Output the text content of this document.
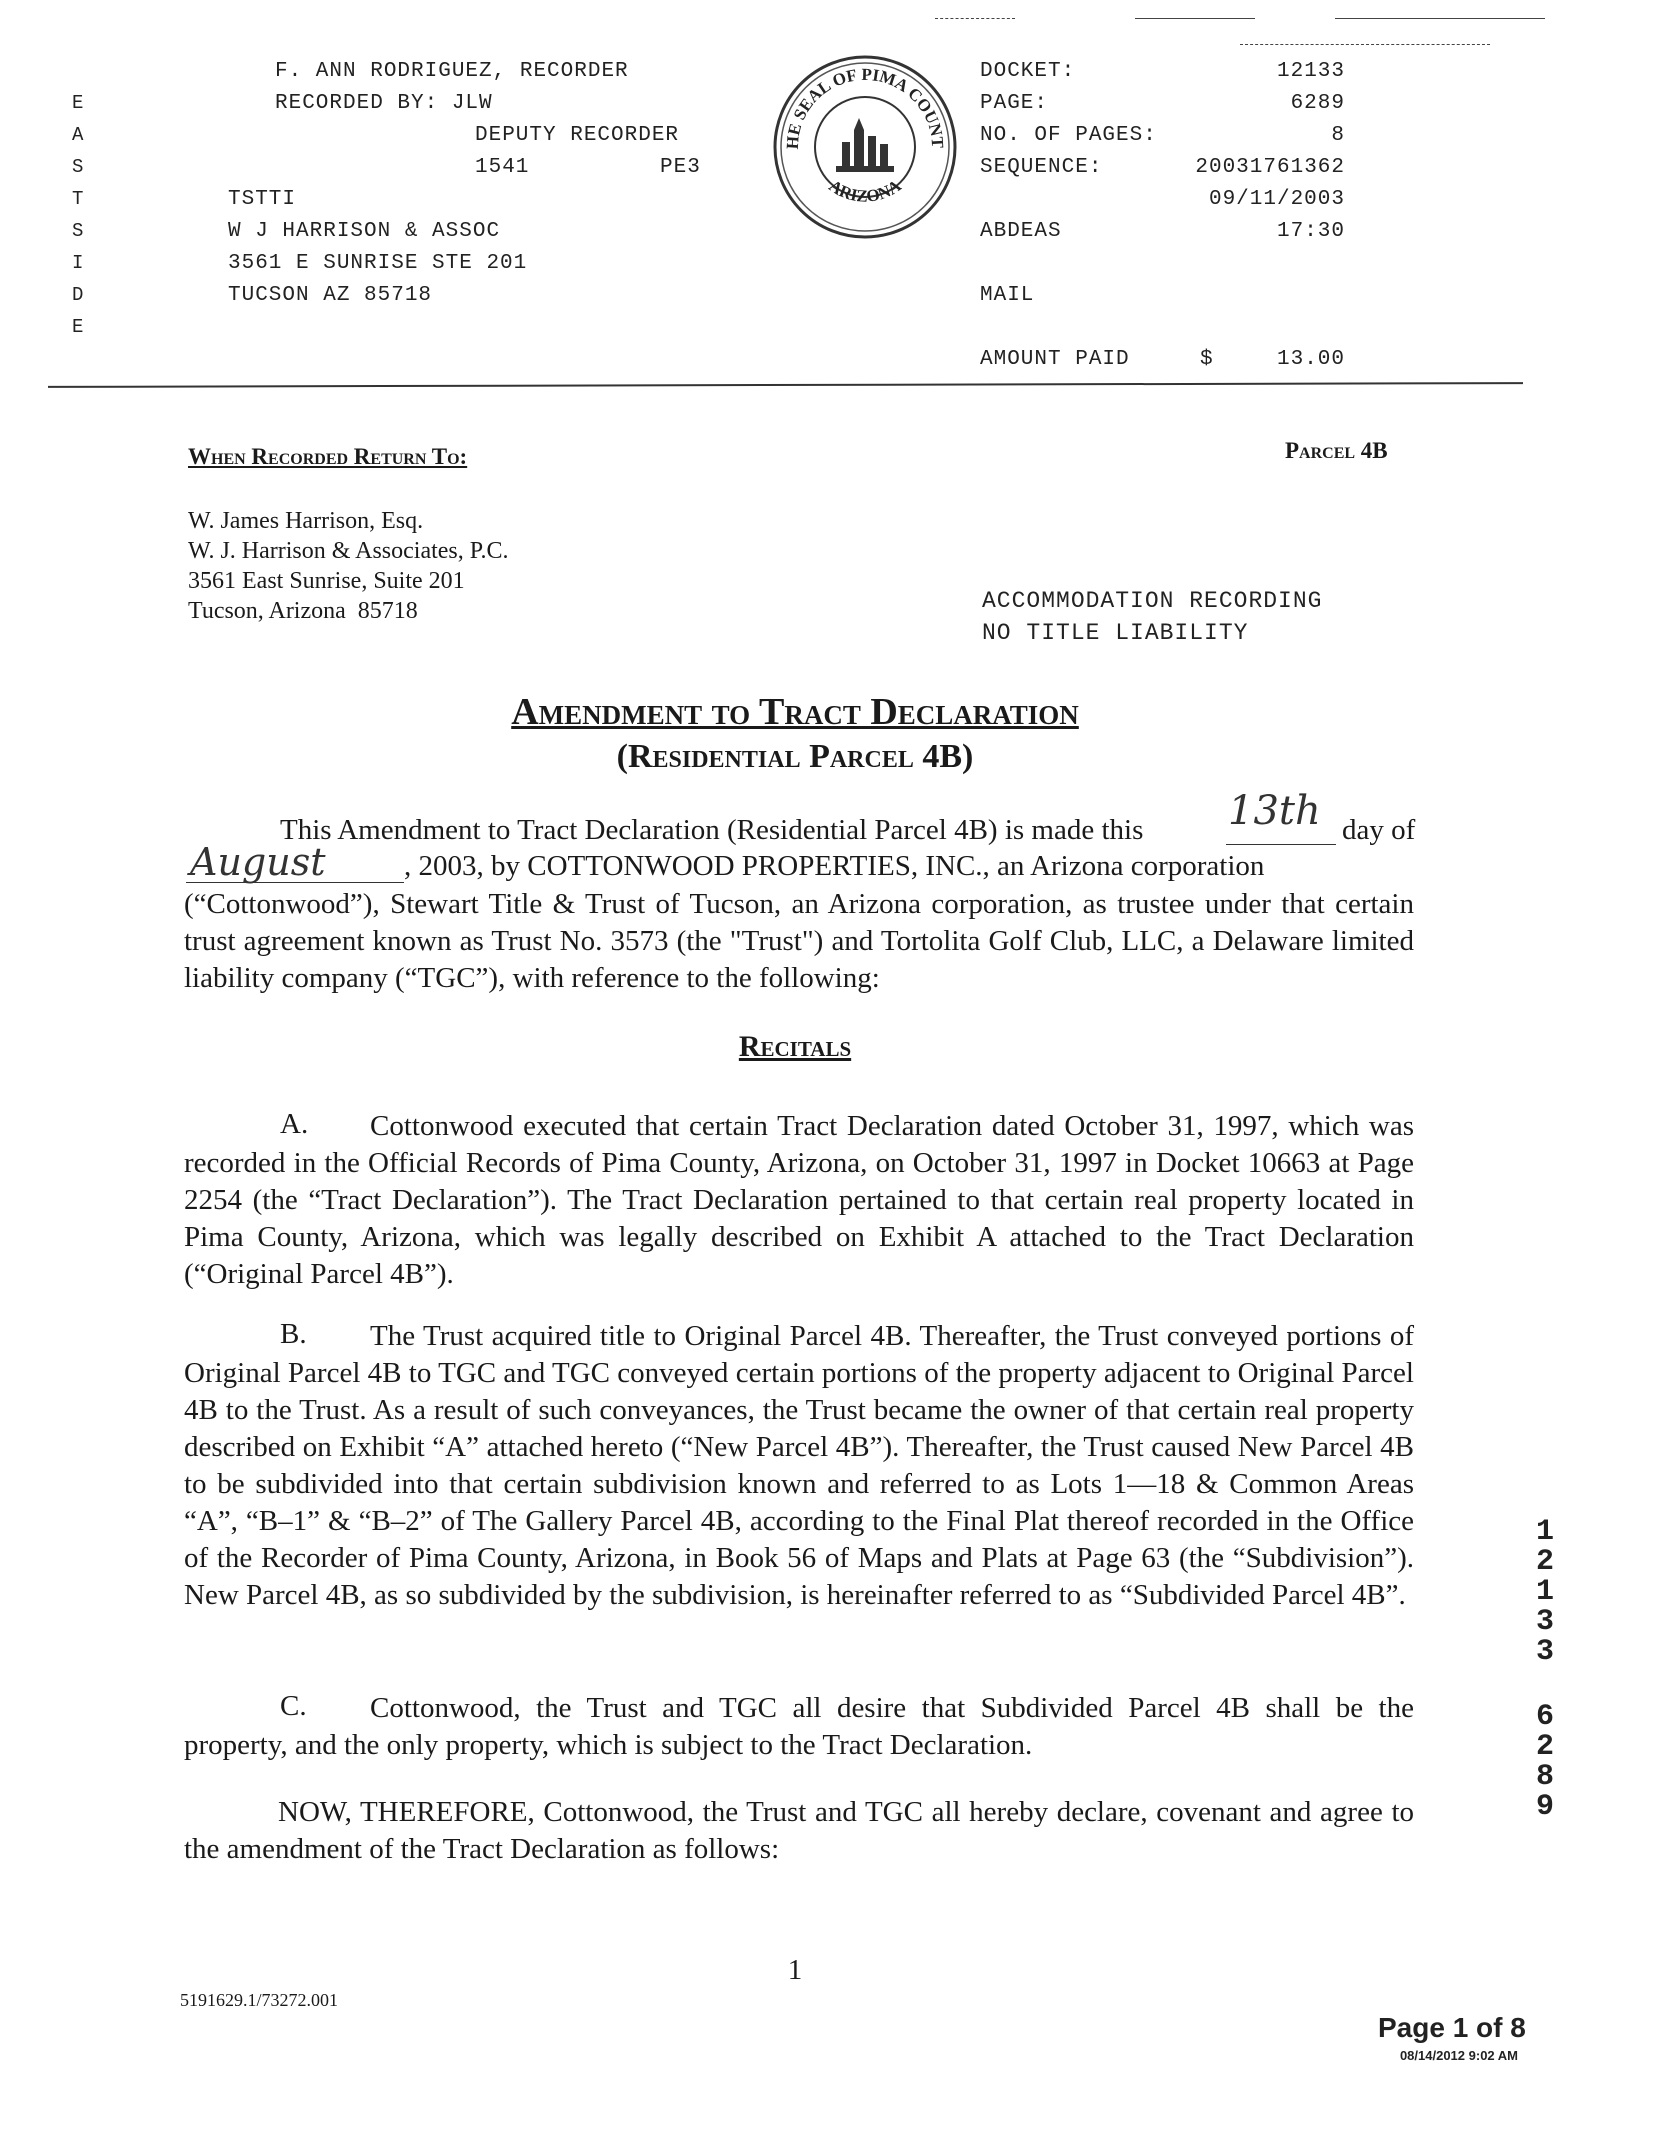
E
A
S
T
S
I
D
E
F. ANN RODRIGUEZ, RECORDER
RECORDED BY: JLW
DEPUTY RECORDER
1541	PE3
TSTTI
W J HARRISON & ASSOC
3561 E SUNRISE STE 201
TUCSON AZ 85718
HE SEAL OF PIMA COUNT
ARIZONA
DOCKET:	12133
PAGE:	6289
NO. OF PAGES:	8
SEQUENCE:	20031761362
09/11/2003
ABDEAS	17:30
MAIL
AMOUNT PAID	$	13.00
When Recorded Return To:	Parcel 4B
W. James Harrison, Esq.
W. J. Harrison & Associates, P.C.
3561 East Sunrise, Suite 201
Tucson, Arizona  85718	ACCOMMODATION RECORDING
NO TITLE LIABILITY
Amendment to Tract Declaration
(Residential Parcel 4B)
This Amendment to Tract Declaration (Residential Parcel 4B) is made this 13th day of
August	, 2003, by COTTONWOOD PROPERTIES, INC., an Arizona corporation
(“Cottonwood”), Stewart Title & Trust of Tucson, an Arizona corporation, as trustee under that certain trust agreement known as Trust No. 3573 (the "Trust") and Tortolita Golf Club, LLC, a Delaware limited liability company (“TGC”), with reference to the following:
Recitals
A.	Cottonwood executed that certain Tract Declaration dated October 31, 1997, which was recorded in the Official Records of Pima County, Arizona, on October 31, 1997 in Docket 10663 at Page 2254 (the “Tract Declaration”). The Tract Declaration pertained to that certain real property located in Pima County, Arizona, which was legally described on Exhibit A attached to the Tract Declaration (“Original Parcel 4B”).
B.	The Trust acquired title to Original Parcel 4B. Thereafter, the Trust conveyed portions of Original Parcel 4B to TGC and TGC conveyed certain portions of the property adjacent to Original Parcel 4B to the Trust. As a result of such conveyances, the Trust became the owner of that certain real property described on Exhibit “A” attached hereto (“New Parcel 4B”). Thereafter, the Trust caused New Parcel 4B to be subdivided into that certain subdivision known and referred to as Lots 1—18 & Common Areas “A”, “B–1” & “B–2” of The Gallery Parcel 4B, according to the Final Plat thereof recorded in the Office of the Recorder of Pima County, Arizona, in Book 56 of Maps and Plats at Page 63 (the “Subdivision”). New Parcel 4B, as so subdivided by the subdivision, is hereinafter referred to as “Subdivided Parcel 4B”.
C.	Cottonwood, the Trust and TGC all desire that Subdivided Parcel 4B shall be the property, and the only property, which is subject to the Tract Declaration.
NOW, THEREFORE, Cottonwood, the Trust and TGC all hereby declare, covenant and agree to the amendment of the Tract Declaration as follows:
1
2
1
3
3
6
2
8
9
1
5191629.1/73272.001
Page 1 of 8
08/14/2012 9:02 AM
